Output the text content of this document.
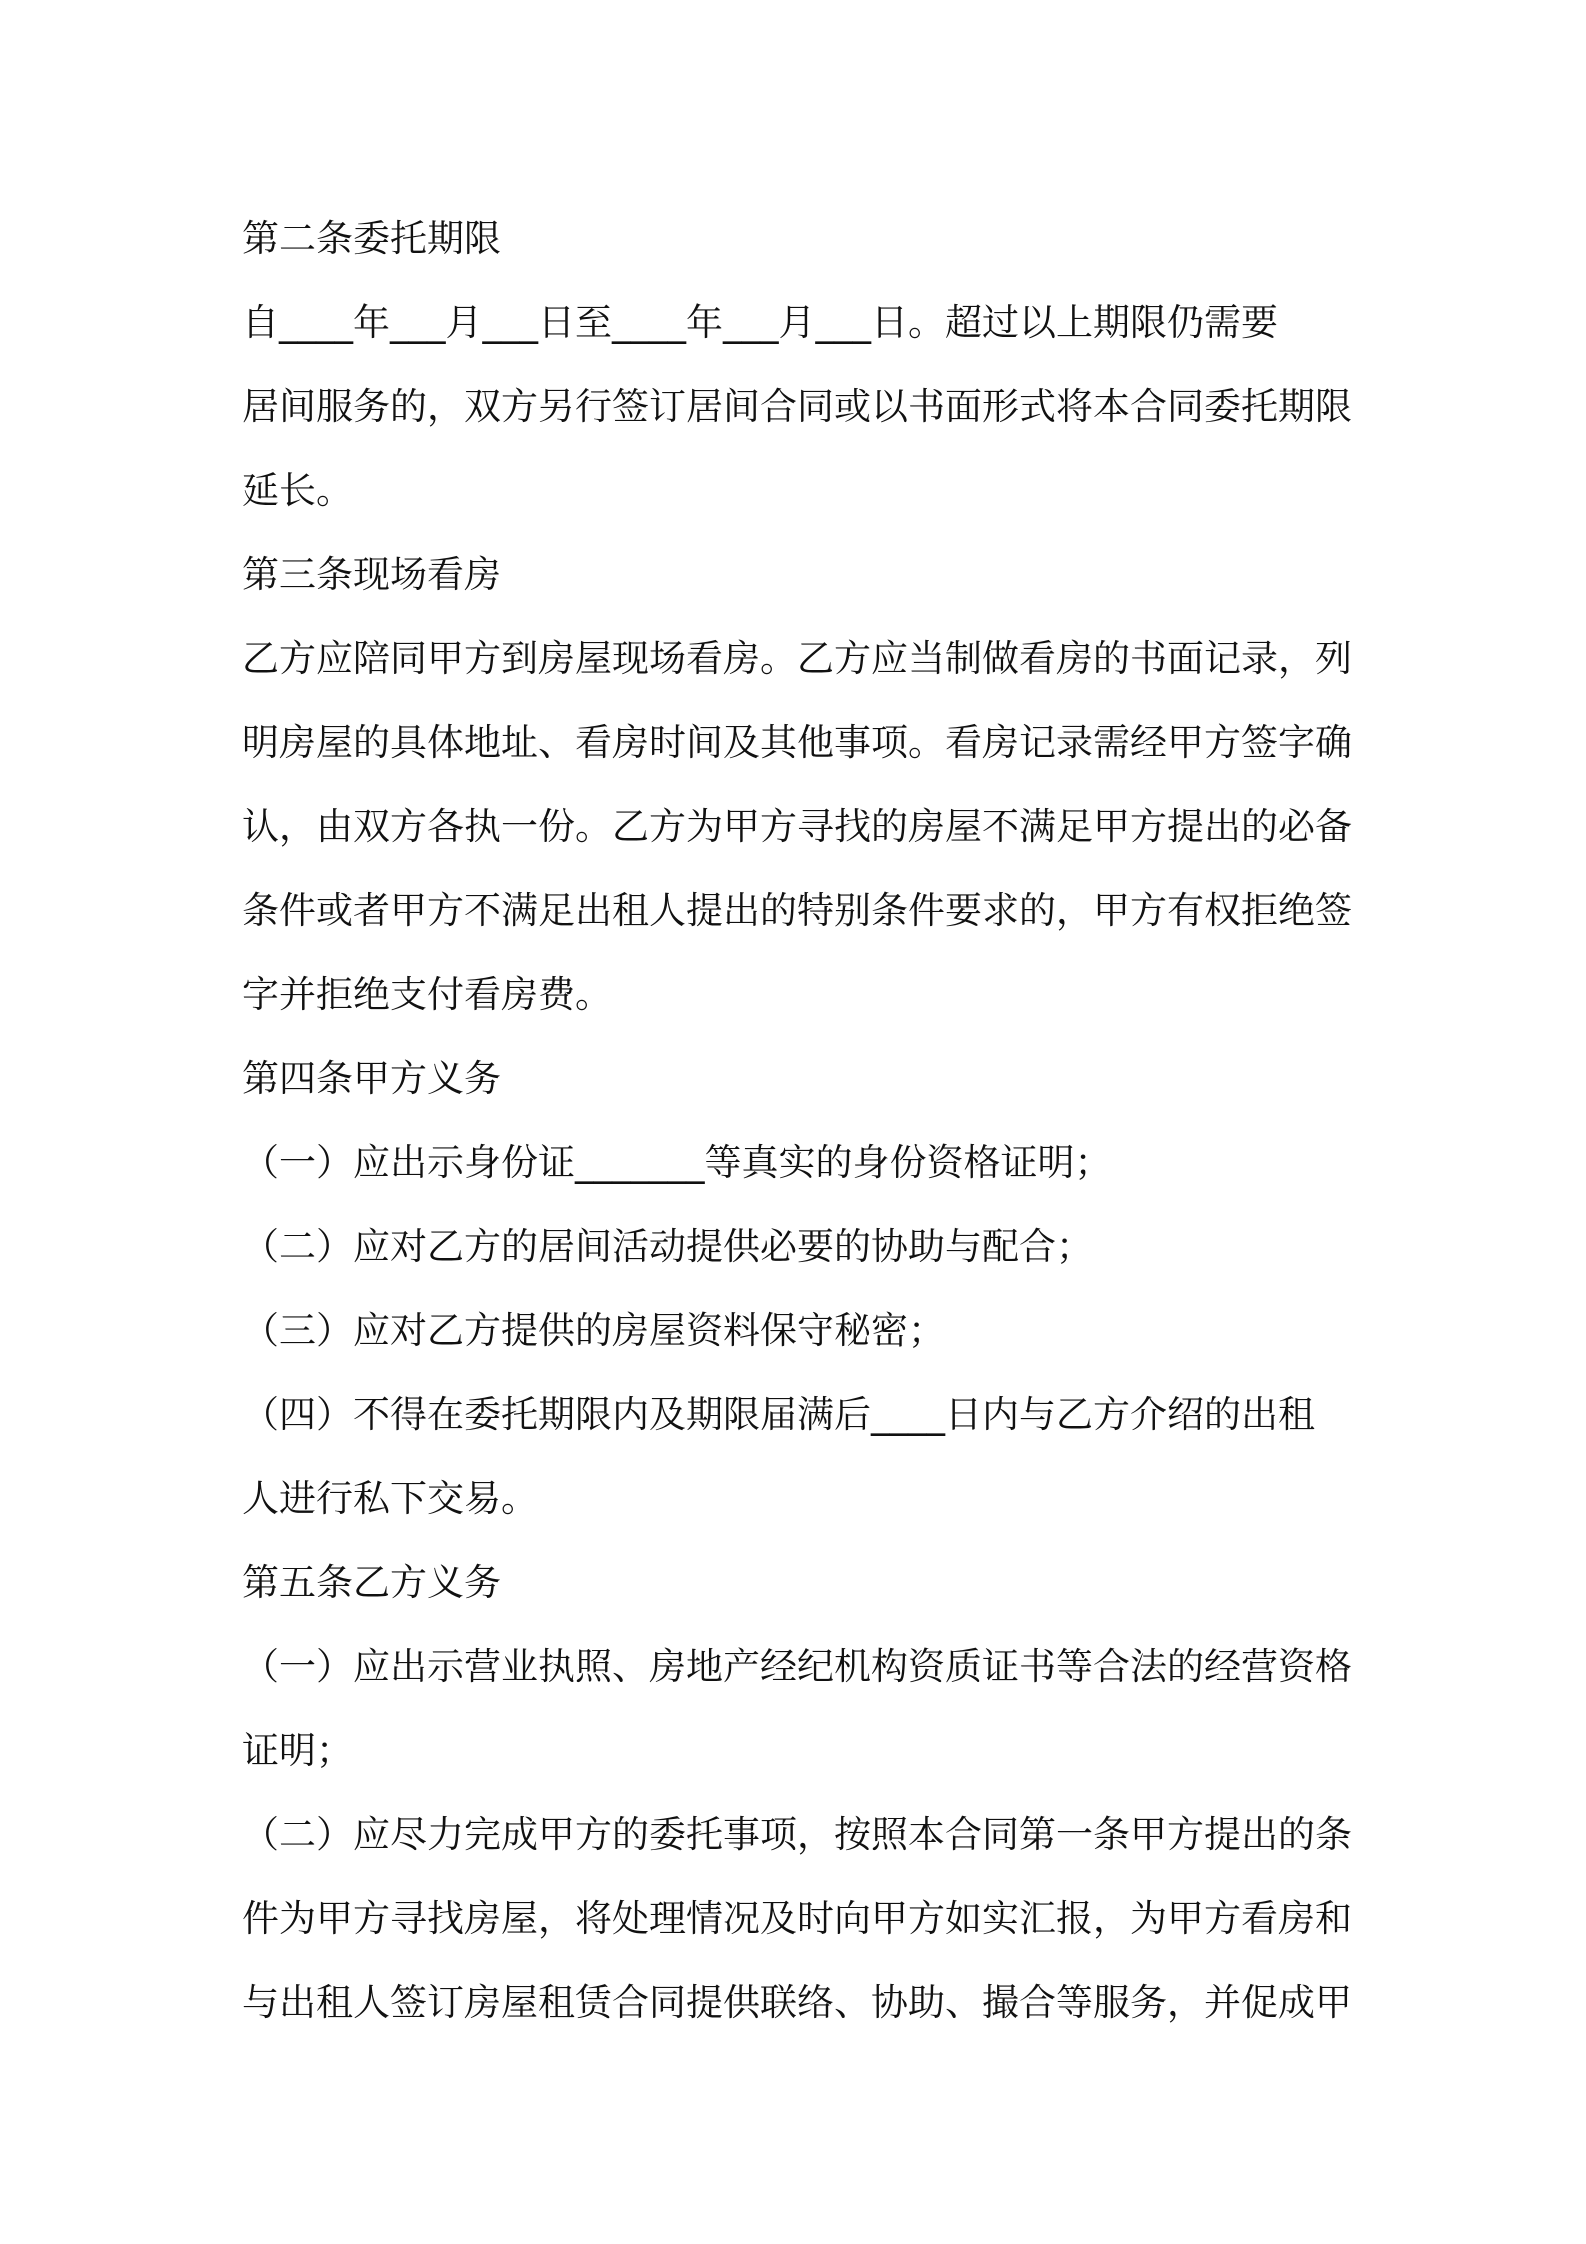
第二条委托期限
自____年___月___日至____年___月___日。超过以上期限仍需要
居间服务的，双方另行签订居间合同或以书面形式将本合同委托期限
延长。
第三条现场看房
乙方应陪同甲方到房屋现场看房。乙方应当制做看房的书面记录，列
明房屋的具体地址、看房时间及其他事项。看房记录需经甲方签字确
认，由双方各执一份。乙方为甲方寻找的房屋不满足甲方提出的必备
条件或者甲方不满足出租人提出的特别条件要求的，甲方有权拒绝签
字并拒绝支付看房费。
第四条甲方义务
（一）应出示身份证_______等真实的身份资格证明；
（二）应对乙方的居间活动提供必要的协助与配合；
（三）应对乙方提供的房屋资料保守秘密；
（四）不得在委托期限内及期限届满后____日内与乙方介绍的出租
人进行私下交易。
第五条乙方义务
（一）应出示营业执照、房地产经纪机构资质证书等合法的经营资格
证明；
（二）应尽力完成甲方的委托事项，按照本合同第一条甲方提出的条
件为甲方寻找房屋，将处理情况及时向甲方如实汇报，为甲方看房和
与出租人签订房屋租赁合同提供联络、协助、撮合等服务，并促成甲
